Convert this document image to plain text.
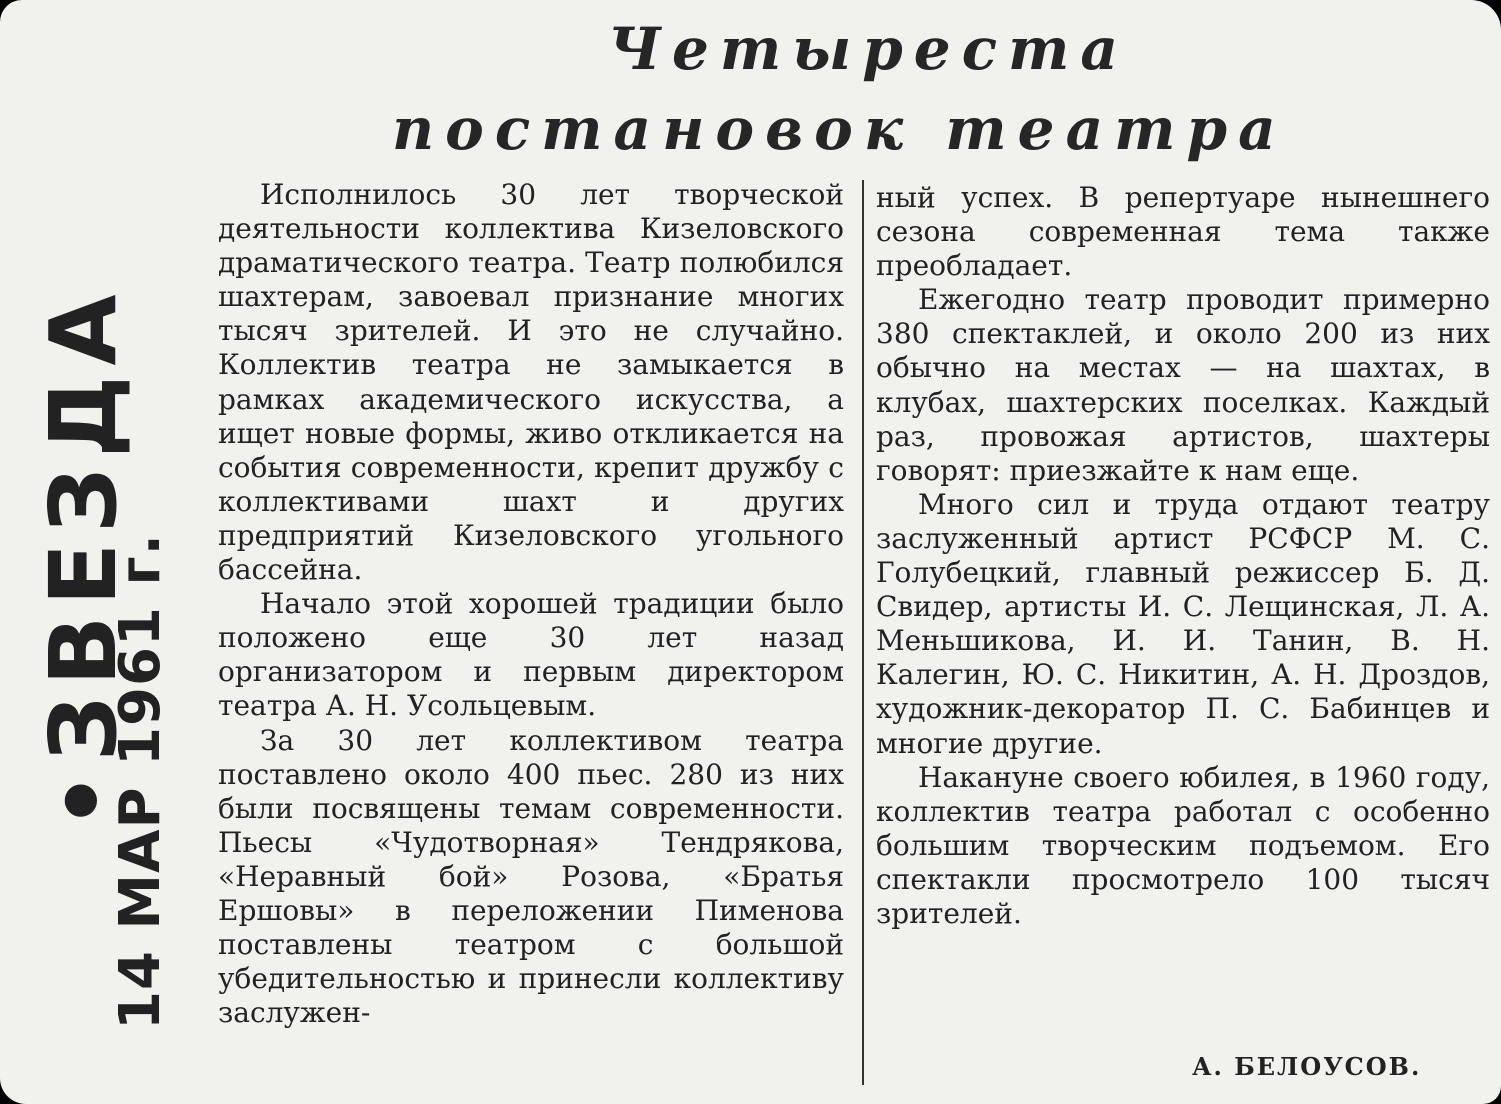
Четыреста
постановок театра

Исполнилось 30 лет творческой деятельности коллектива Кизеловского драматического театра. Театр полюбился шахтерам, завоевал признание многих тысяч зрителей. И это не случайно. Коллектив театра не замыкается в рамках академического искусства, а ищет новые формы, живо откликается на события современности, крепит дружбу с коллективами шахт и других предприятий Кизеловского угольного бассейна.

Начало этой хорошей традиции было положено еще 30 лет назад организатором и первым директором театра А. Н. Усольцевым.

За 30 лет коллективом театра поставлено около 400 пьес. 280 из них были посвящены темам современности. Пьесы «Чудотворная» Тендрякова, «Неравный бой» Розова, «Братья Ершовы» в переложении Пименова поставлены театром с большой убедительностью и принесли коллективу заслужен-

ный успех. В репертуаре нынешнего сезона современная тема также преобладает.

Ежегодно театр проводит примерно 380 спектаклей, и около 200 из них обычно на местах — на шахтах, в клубах, шахтерских поселках. Каждый раз, провожая артистов, шахтеры говорят: приезжайте к нам еще.

Много сил и труда отдают театру заслуженный артист РСФСР М. С. Голубецкий, главный режиссер Б. Д. Свидер, артисты И. С. Лещинская, Л. А. Меньшикова, И. И. Танин, В. Н. Калегин, Ю. С. Никитин, А. Н. Дроздов, художник-декоратор П. С. Бабинцев и многие другие.

Накануне своего юбилея, в 1960 году, коллектив театра работал с особенно большим творческим подъемом. Его спектакли просмотрело 100 тысяч зрителей.

А. БЕЛОУСОВ.
•ЗВЕЗДА
14 МАР 1961 г.
